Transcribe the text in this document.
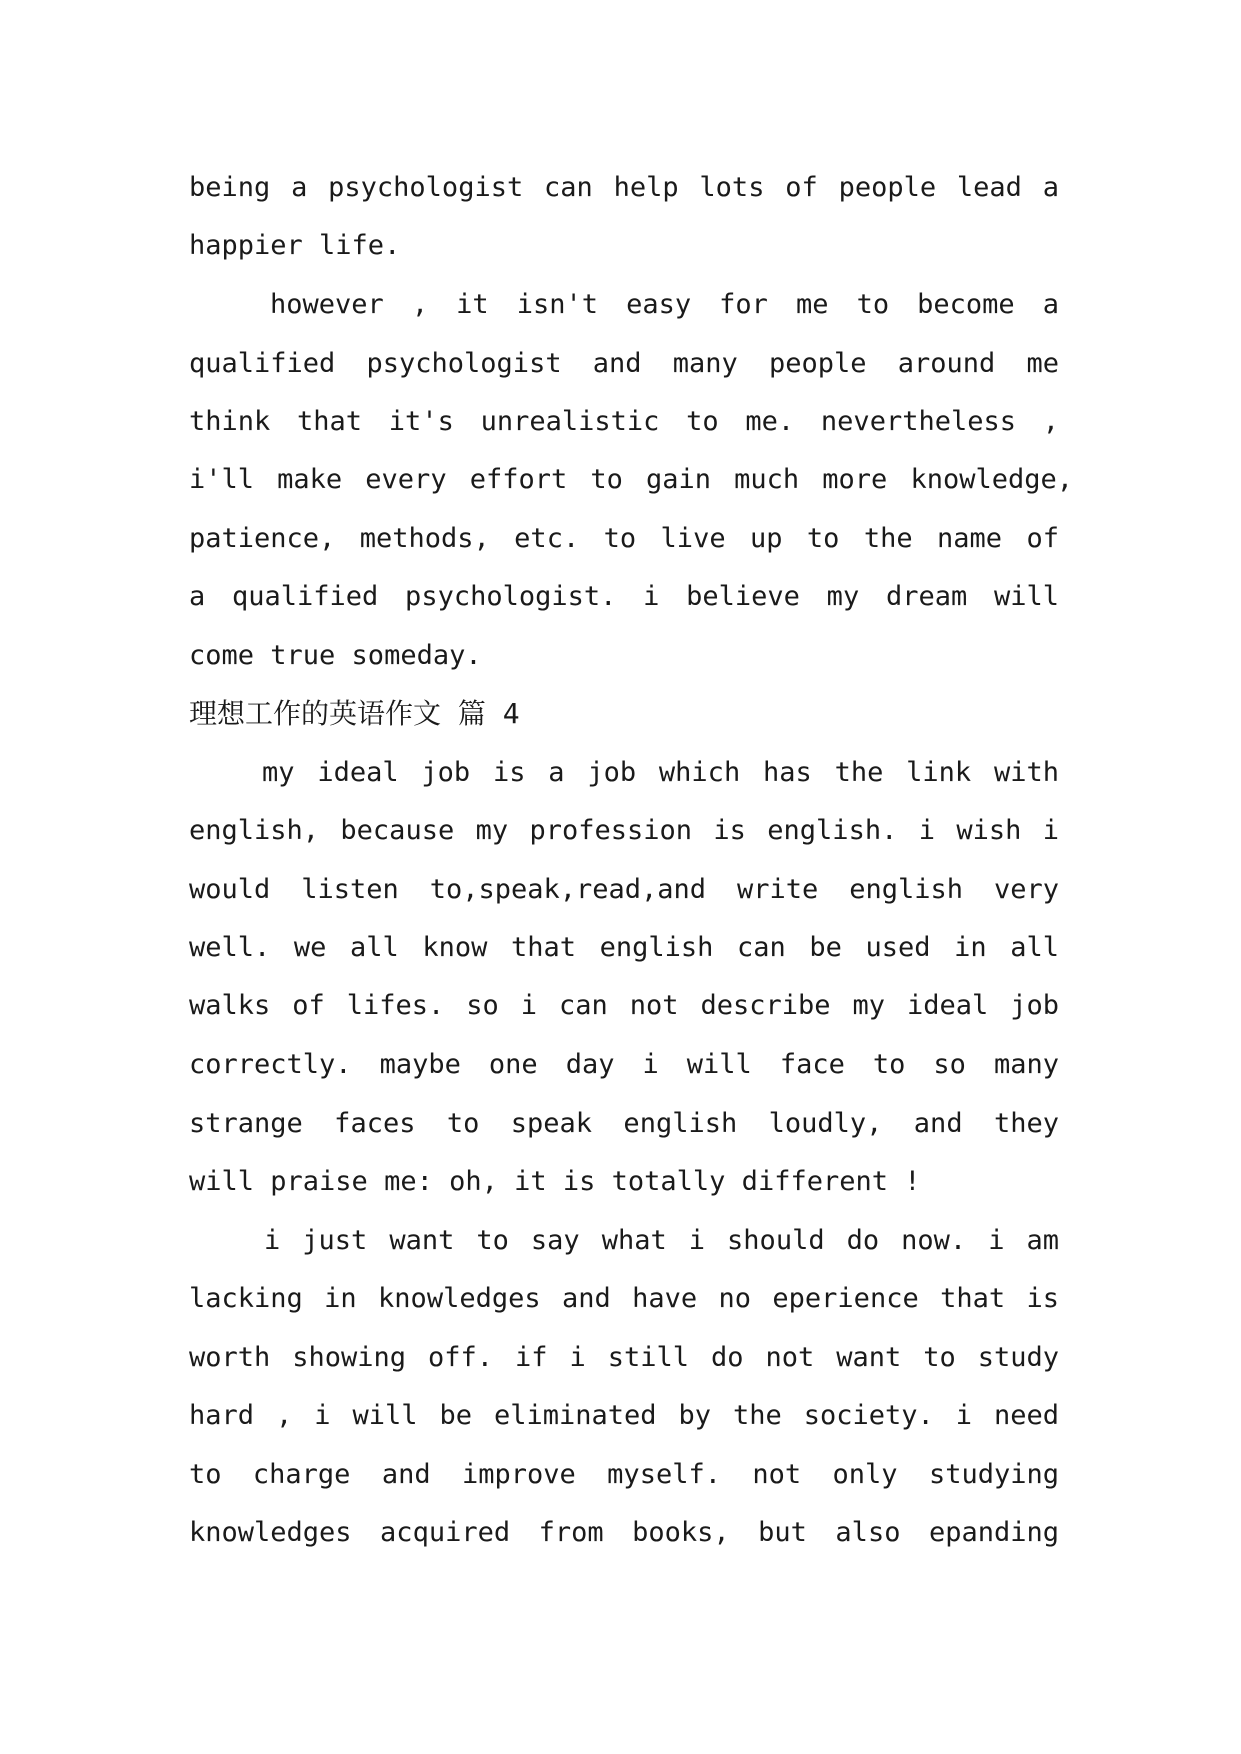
being a psychologist can help lots of people lead a

happier life.

however , it isn't easy for me to become a

qualified psychologist and many people around me

think that it's unrealistic to me. nevertheless ,

i'll make every effort to gain much more knowledge,

patience, methods, etc. to live up to the name of

a qualified psychologist. i believe my dream will

come true someday.

理想工作的英语作文 篇 4

my ideal job is a job which has the link with

english, because my profession is english. i wish i

would listen to,speak,read,and write english very

well. we all know that english can be used in all

walks of lifes. so i can not describe my ideal job

correctly. maybe one day i will face to so many

strange faces to speak english loudly, and they

will praise me: oh, it is totally different !

i just want to say what i should do now. i am

lacking in knowledges and have no eperience that is

worth showing off. if i still do not want to study

hard , i will be eliminated by the society. i need

to charge and improve myself. not only studying

knowledges acquired from books, but also epanding
